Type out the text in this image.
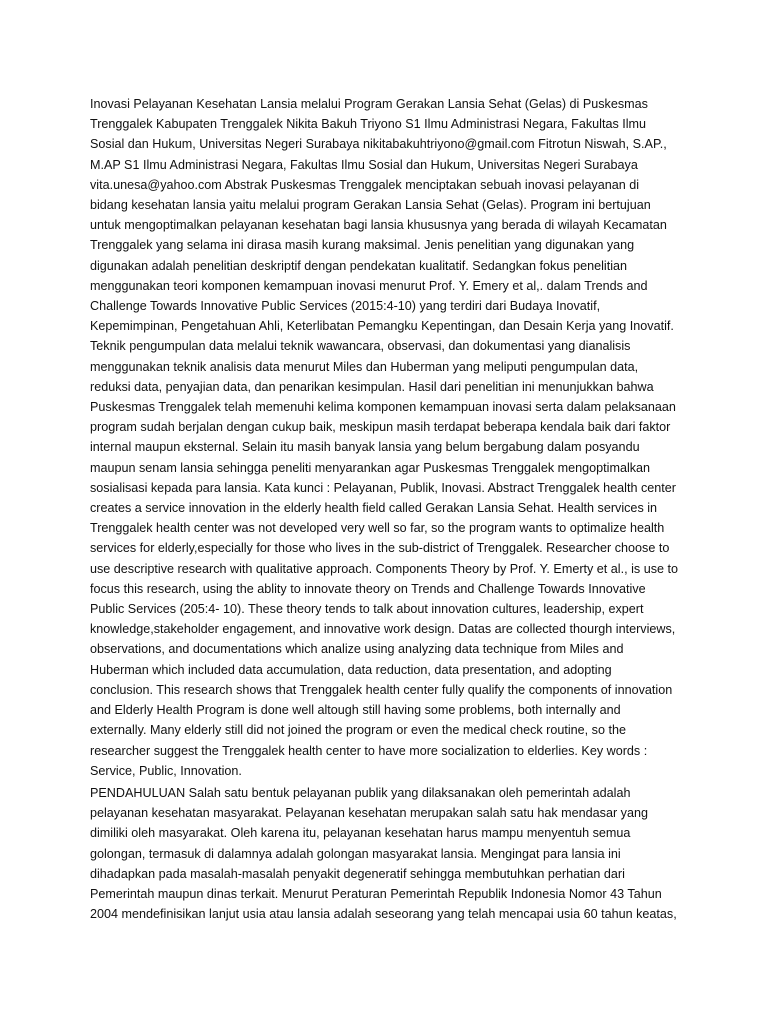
Inovasi Pelayanan Kesehatan Lansia melalui Program Gerakan Lansia Sehat (Gelas) di Puskesmas Trenggalek Kabupaten Trenggalek Nikita Bakuh Triyono S1 Ilmu Administrasi Negara, Fakultas Ilmu Sosial dan Hukum, Universitas Negeri Surabaya nikitabakuhtriyono@gmail.com Fitrotun Niswah, S.AP., M.AP S1 Ilmu Administrasi Negara, Fakultas Ilmu Sosial dan Hukum, Universitas Negeri Surabaya vita.unesa@yahoo.com Abstrak Puskesmas Trenggalek menciptakan sebuah inovasi pelayanan di bidang kesehatan lansia yaitu melalui program Gerakan Lansia Sehat (Gelas). Program ini bertujuan untuk mengoptimalkan pelayanan kesehatan bagi lansia khususnya yang berada di wilayah Kecamatan Trenggalek yang selama ini dirasa masih kurang maksimal. Jenis penelitian yang digunakan yang digunakan adalah penelitian deskriptif dengan pendekatan kualitatif. Sedangkan fokus penelitian menggunakan teori komponen kemampuan inovasi menurut Prof. Y. Emery et al,. dalam Trends and Challenge Towards Innovative Public Services (2015:4-10) yang terdiri dari Budaya Inovatif, Kepemimpinan, Pengetahuan Ahli, Keterlibatan Pemangku Kepentingan, dan Desain Kerja yang Inovatif. Teknik pengumpulan data melalui teknik wawancara, observasi, dan dokumentasi yang dianalisis menggunakan teknik analisis data menurut Miles dan Huberman yang meliputi pengumpulan data, reduksi data, penyajian data, dan penarikan kesimpulan. Hasil dari penelitian ini menunjukkan bahwa Puskesmas Trenggalek telah memenuhi kelima komponen kemampuan inovasi serta dalam pelaksanaan program sudah berjalan dengan cukup baik, meskipun masih terdapat beberapa kendala baik dari faktor internal maupun eksternal. Selain itu masih banyak lansia yang belum bergabung dalam posyandu maupun senam lansia sehingga peneliti menyarankan agar Puskesmas Trenggalek mengoptimalkan sosialisasi kepada para lansia. Kata kunci : Pelayanan, Publik, Inovasi. Abstract Trenggalek health center creates a service innovation in the elderly health field called Gerakan Lansia Sehat. Health services in Trenggalek health center was not developed very well so far, so the program wants to optimalize health services for elderly,especially for those who lives in the sub-district of Trenggalek. Researcher choose to use descriptive research with qualitative approach. Components Theory by Prof. Y. Emerty et al., is use to focus this research, using the ablity to innovate theory on Trends and Challenge Towards Innovative Public Services (205:4- 10). These theory tends to talk about innovation cultures, leadership, expert knowledge,stakeholder engagement, and innovative work design. Datas are collected thourgh interviews, observations, and documentations which analize using analyzing data technique from Miles and Huberman which included data accumulation, data reduction, data presentation, and adopting conclusion. This research shows that Trenggalek health center fully qualify the components of innovation and Elderly Health Program is done well altough still having some problems, both internally and externally. Many elderly still did not joined the program or even the medical check routine, so the researcher suggest the Trenggalek health center to have more socialization to elderlies. Key words : Service, Public, Innovation.

PENDAHULUAN Salah satu bentuk pelayanan publik yang dilaksanakan oleh pemerintah adalah pelayanan kesehatan masyarakat. Pelayanan kesehatan merupakan salah satu hak mendasar yang dimiliki oleh masyarakat. Oleh karena itu, pelayanan kesehatan harus mampu menyentuh semua golongan, termasuk di dalamnya adalah golongan masyarakat lansia. Mengingat para lansia ini dihadapkan pada masalah-masalah penyakit degeneratif sehingga membutuhkan perhatian dari Pemerintah maupun dinas terkait. Menurut Peraturan Pemerintah Republik Indonesia Nomor 43 Tahun 2004 mendefinisikan lanjut usia atau lansia adalah seseorang yang telah mencapai usia 60 tahun keatas,
